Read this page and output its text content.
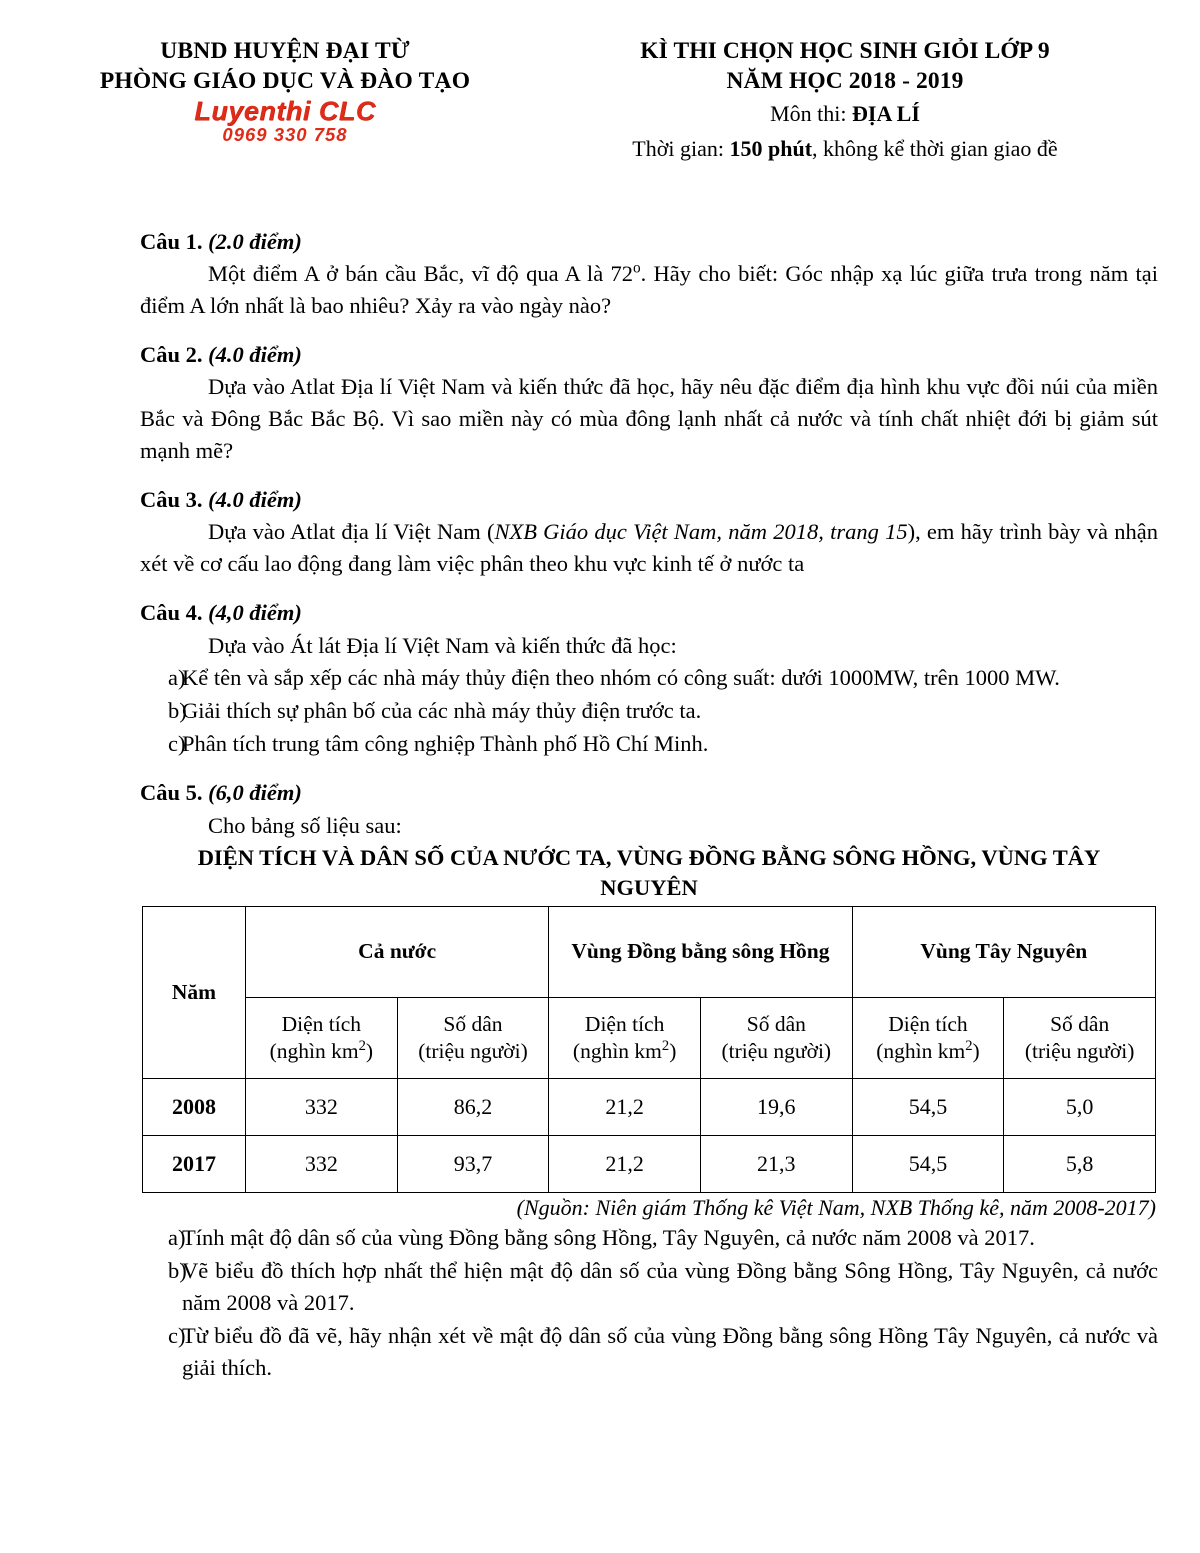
UBND HUYỆN ĐẠI TỪ
PHÒNG GIÁO DỤC VÀ ĐÀO TẠO
Luyenthi CLC
0969 330 758
KÌ THI CHỌN HỌC SINH GIỎI LỚP 9
NĂM HỌC 2018 - 2019
Môn thi: ĐỊA LÍ
Thời gian: 150 phút, không kể thời gian giao đề
Câu 1. (2.0 điểm)
Một điểm A ở bán cầu Bắc, vĩ độ qua A là 72$^o$. Hãy cho biết: Góc nhập xạ lúc giữa trưa trong năm tại điểm A lớn nhất là bao nhiêu? Xảy ra vào ngày nào?
Câu 2. (4.0 điểm)
Dựa vào Atlat Địa lí Việt Nam và kiến thức đã học, hãy nêu đặc điểm địa hình khu vực đồi núi của miền Bắc và Đông Bắc Bắc Bộ. Vì sao miền này có mùa đông lạnh nhất cả nước và tính chất nhiệt đới bị giảm sút mạnh mẽ?
Câu 3. (4.0 điểm)
Dựa vào Atlat địa lí Việt Nam (NXB Giáo dục Việt Nam, năm 2018, trang 15), em hãy trình bày và nhận xét về cơ cấu lao động đang làm việc phân theo khu vực kinh tế ở nước ta
Câu 4. (4,0 điểm)
Dựa vào Át lát Địa lí Việt Nam và kiến thức đã học:
a)
Kể tên và sắp xếp các nhà máy thủy điện theo nhóm có công suất: dưới 1000MW, trên 1000 MW.
b)
Giải thích sự phân bố của các nhà máy thủy điện trước ta.
c)
Phân tích trung tâm công nghiệp Thành phố Hồ Chí Minh.
Câu 5. (6,0 điểm)
Cho bảng số liệu sau:
DIỆN TÍCH VÀ DÂN SỐ CỦA NƯỚC TA, VÙNG ĐỒNG BẰNG SÔNG HỒNG, VÙNG TÂY NGUYÊN
Năm	Cả nước		Vùng Đồng bằng sông Hồng		Vùng Tây Nguyên	
	Diện tích
(nghìn $km^2$)	Số dân
(triệu người)	Diện tích
(nghìn $km^2$)	Số dân
(triệu người)	Diện tích
(nghìn $km^2$)	Số dân
(triệu người)
2008	332	86,2	21,2	19,6	54,5	5,0
2017	332	93,7	21,2	21,3	54,5	5,8
(Nguồn: Niên giám Thống kê Việt Nam, NXB Thống kê, năm 2008-2017)
a)
Tính mật độ dân số của vùng Đồng bằng sông Hồng, Tây Nguyên, cả nước năm 2008 và 2017.
b)
Vẽ biểu đồ thích hợp nhất thể hiện mật độ dân số của vùng Đồng bằng Sông Hồng, Tây Nguyên, cả nước năm 2008 và 2017.
c)
Từ biểu đồ đã vẽ, hãy nhận xét về mật độ dân số của vùng Đồng bằng sông Hồng Tây Nguyên, cả nước và giải thích.
